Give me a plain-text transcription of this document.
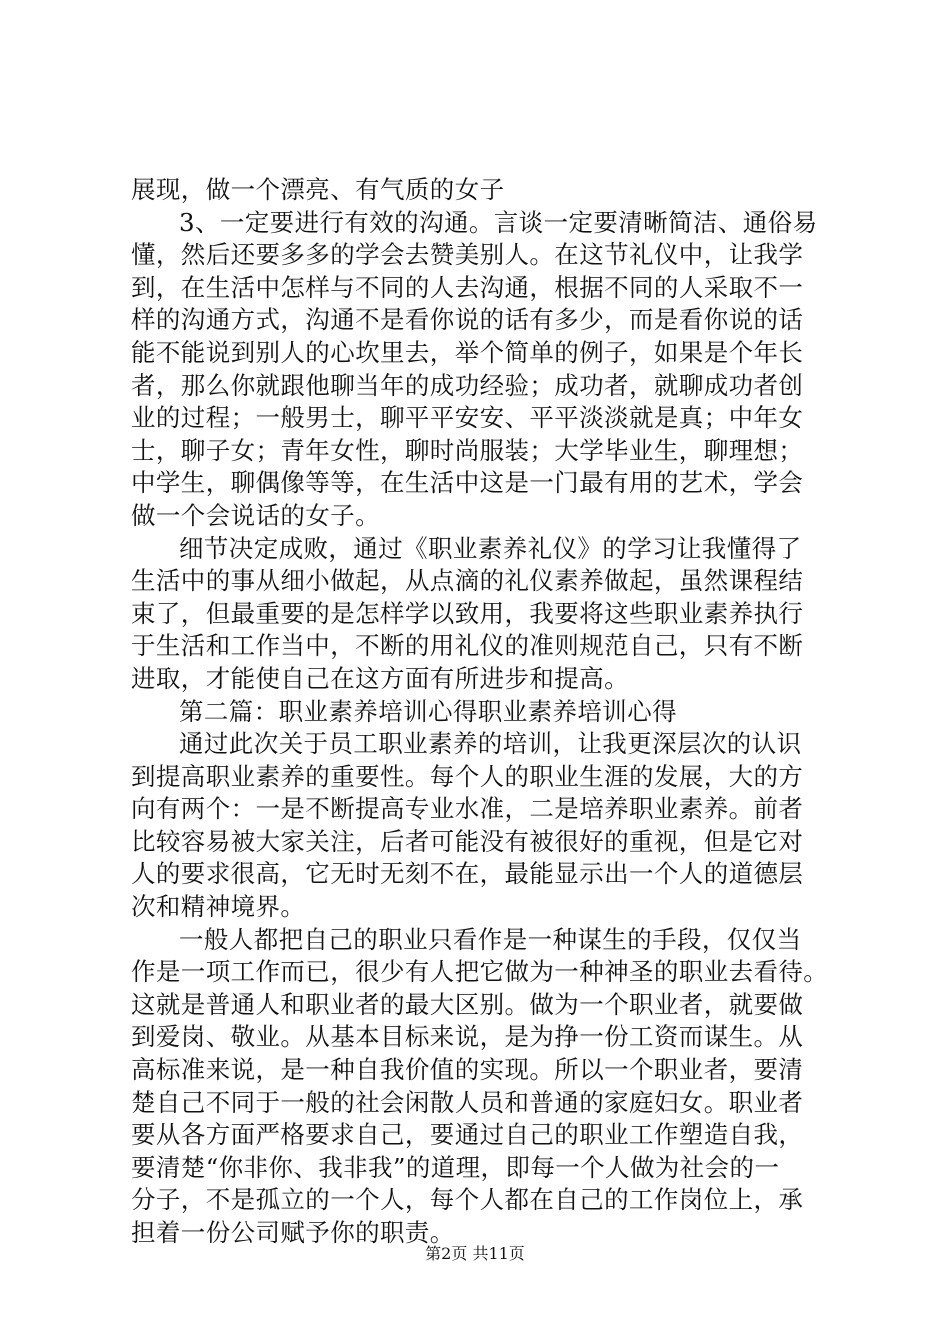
展现，做一个漂亮、有气质的女子
3、一定要进行有效的沟通。言谈一定要清晰简洁、通俗易
懂，然后还要多多的学会去赞美别人。在这节礼仪中，让我学
到，在生活中怎样与不同的人去沟通，根据不同的人采取不一
样的沟通方式，沟通不是看你说的话有多少，而是看你说的话
能不能说到别人的心坎里去，举个简单的例子，如果是个年长
者，那么你就跟他聊当年的成功经验；成功者，就聊成功者创
业的过程；一般男士，聊平平安安、平平淡淡就是真；中年女
士，聊子女；青年女性，聊时尚服装；大学毕业生，聊理想；
中学生，聊偶像等等，在生活中这是一门最有用的艺术，学会
做一个会说话的女子。
细节决定成败，通过《职业素养礼仪》的学习让我懂得了
生活中的事从细小做起，从点滴的礼仪素养做起，虽然课程结
束了，但最重要的是怎样学以致用，我要将这些职业素养执行
于生活和工作当中，不断的用礼仪的准则规范自己，只有不断
进取，才能使自己在这方面有所进步和提高。
第二篇：职业素养培训心得职业素养培训心得
通过此次关于员工职业素养的培训，让我更深层次的认识
到提高职业素养的重要性。每个人的职业生涯的发展，大的方
向有两个：一是不断提高专业水准，二是培养职业素养。前者
比较容易被大家关注，后者可能没有被很好的重视，但是它对
人的要求很高，它无时无刻不在，最能显示出一个人的道德层
次和精神境界。
一般人都把自己的职业只看作是一种谋生的手段，仅仅当
作是一项工作而已，很少有人把它做为一种神圣的职业去看待。
这就是普通人和职业者的最大区别。做为一个职业者，就要做
到爱岗、敬业。从基本目标来说，是为挣一份工资而谋生。从
高标准来说，是一种自我价值的实现。所以一个职业者，要清
楚自己不同于一般的社会闲散人员和普通的家庭妇女。职业者
要从各方面严格要求自己，要通过自己的职业工作塑造自我，
要清楚“你非你、我非我”的道理，即每一个人做为社会的一
分子，不是孤立的一个人，每个人都在自己的工作岗位上，承
担着一份公司赋予你的职责。
第2页 共11页
